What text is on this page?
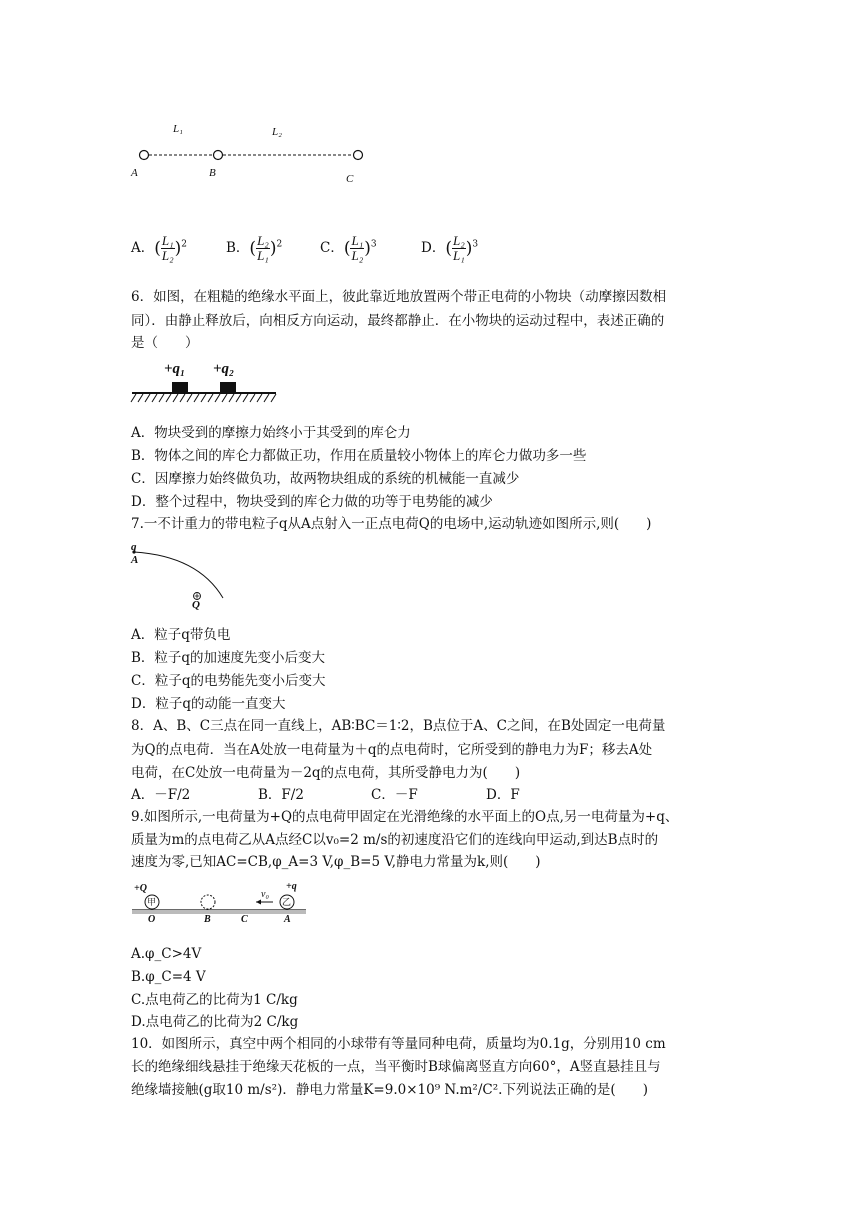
L₁	L₂
A	B	C
A．( $\frac{\text{L₁}}{\text{L₂}} )^2$	B．( $\frac{\text{L₂}}{\text{L₁}} )^2$	C．( $\frac{\text{L₁}}{\text{L₂}} )^3$	D．( $\frac{\text{L₂}}{\text{L₁}} )^3$
6．如图，在粗糙的绝缘水平面上，彼此靠近地放置两个带正电荷的小物块（动摩擦因数相
同）．由静止释放后，向相反方向运动，最终都静止．在小物块的运动过程中，表述正确的
是（　　）
+q₁ +q₂
A．物块受到的摩擦力始终小于其受到的库仑力
B．物体之间的库仑力都做正功，作用在质量较小物体上的库仑力做功多一些
C．因摩擦力始终做负功，故两物块组成的系统的机械能一直减少
D．整个过程中，物块受到的库仑力做的功等于电势能的减少
7.一不计重力的带电粒子q从A点射入一正点电荷Q的电场中,运动轨迹如图所示,则(　　)
q
A
Q
A．粒子q带负电
B．粒子q的加速度先变小后变大
C．粒子q的电势能先变小后变大
D．粒子q的动能一直变大
8．A、B、C三点在同一直线上，AB∶BC＝1∶2，B点位于A、C之间，在B处固定一电荷量
为Q的点电荷．当在A处放一电荷量为＋q的点电荷时，它所受到的静电力为F；移去A处
电荷，在C处放一电荷量为－2q的点电荷，其所受静电力为(　　)
A．－F/2	B．F/2	C．－F	D．F
9.如图所示,一电荷量为+Q的点电荷甲固定在光滑绝缘的水平面上的O点,另一电荷量为+q、
质量为m的点电荷乙从A点经C以v₀=2 m/s的初速度沿它们的连线向甲运动,到达B点时的
速度为零,已知AC=CB,φ_A=3 V,φ_B=5 V,静电力常量为k,则(　　)
+Q	+q
甲	乙
v₀
O	B	C	A
A.φ_C>4V
B.φ_C=4 V
C.点电荷乙的比荷为1 C/kg
D.点电荷乙的比荷为2 C/kg
10．如图所示，真空中两个相同的小球带有等量同种电荷，质量均为0.1g，分别用10 cm
长的绝缘细线悬挂于绝缘天花板的一点，当平衡时B球偏离竖直方向60°，A竖直悬挂且与
绝缘墙接触(g取10 m/s²)．静电力常量K=9.0×10⁹ N.m²/C².下列说法正确的是(　　)
